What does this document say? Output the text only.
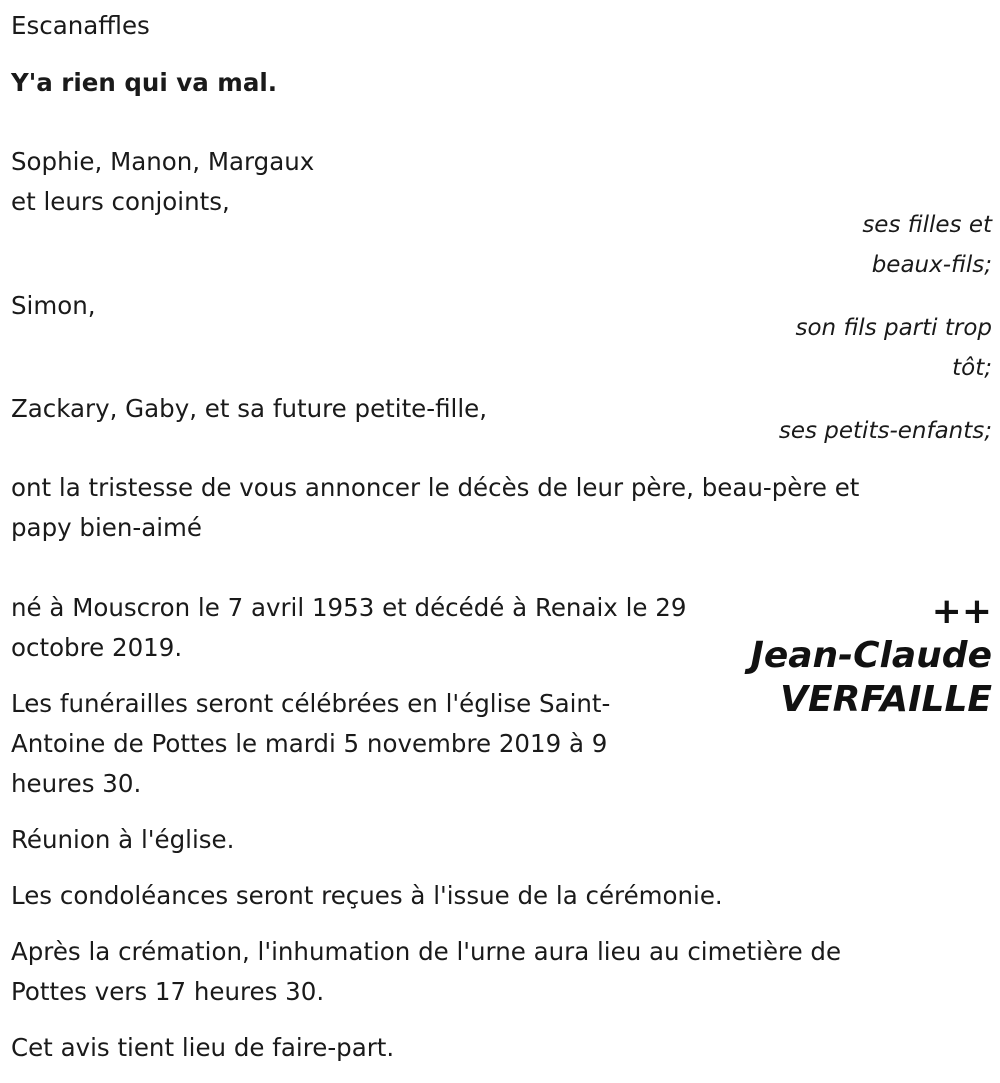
Escanaffles

Y'a rien qui va mal.

Sophie, Manon, Margaux

et leurs conjoints,

ses filles et

beaux-fils;

Simon,

son fils parti trop

tôt;

Zackary, Gaby, et sa future petite-fille,

ses petits-enfants;

ont la tristesse de vous annoncer le décès de leur père, beau-père et

papy bien-aimé

++
Jean-Claude
VERFAILLE

né à Mouscron le 7 avril 1953 et décédé à Renaix le 29

octobre 2019.

Les funérailles seront célébrées en l'église Saint-

Antoine de Pottes le mardi 5 novembre 2019 à 9

heures 30.

Réunion à l'église.

Les condoléances seront reçues à l'issue de la cérémonie.

Après la crémation, l'inhumation de l'urne aura lieu au cimetière de

Pottes vers 17 heures 30.

Cet avis tient lieu de faire-part.
